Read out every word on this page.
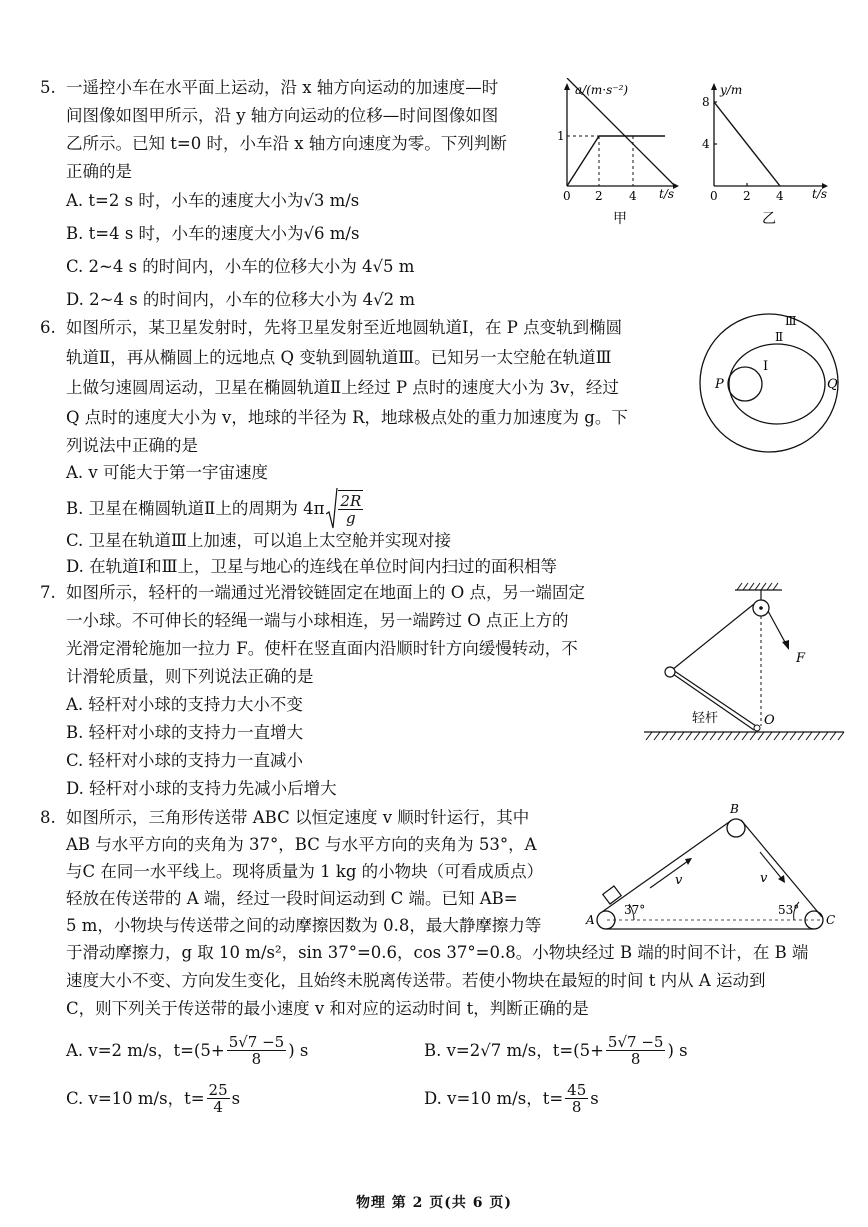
5. 一遥控小车在水平面上运动，沿 x 轴方向运动的加速度—时
间图像如图甲所示，沿 y 轴方向运动的位移—时间图像如图
乙所示。已知 t=0 时，小车沿 x 轴方向速度为零。下列判断
正确的是
A. t=2 s 时，小车的速度大小为√3 m/s
B. t=4 s 时，小车的速度大小为√6 m/s
C. 2~4 s 的时间内，小车的位移大小为 4√5 m
D. 2~4 s 的时间内，小车的位移大小为 4√2 m
a/(m·s⁻²)
1
0 2 4 t/s
甲
y/m
8
4
0 2 4 t/s
乙
6. 如图所示，某卫星发射时，先将卫星发射至近地圆轨道Ⅰ，在 P 点变轨到椭圆
轨道Ⅱ，再从椭圆上的远地点 Q 变轨到圆轨道Ⅲ。已知另一太空舱在轨道Ⅲ
上做匀速圆周运动，卫星在椭圆轨道Ⅱ上经过 P 点时的速度大小为 3v，经过
Q 点时的速度大小为 v，地球的半径为 R，地球极点处的重力加速度为 g。下
列说法中正确的是
A. v 可能大于第一宇宙速度
B. 卫星在椭圆轨道Ⅱ上的周期为 $4\pi \frac{2R}{g}$
C. 卫星在轨道Ⅲ上加速，可以追上太空舱并实现对接
D. 在轨道Ⅰ和Ⅲ上，卫星与地心的连线在单位时间内扫过的面积相等
Ⅰ
Ⅱ
Ⅲ
P	Q
7. 如图所示，轻杆的一端通过光滑铰链固定在地面上的 O 点，另一端固定
一小球。不可伸长的轻绳一端与小球相连，另一端跨过 O 点正上方的
光滑定滑轮施加一拉力 F。使杆在竖直面内沿顺时针方向缓慢转动，不
计滑轮质量，则下列说法正确的是
A. 轻杆对小球的支持力大小不变
B. 轻杆对小球的支持力一直增大
C. 轻杆对小球的支持力一直减小
D. 轻杆对小球的支持力先减小后增大
F
轻杆	O
8. 如图所示，三角形传送带 ABC 以恒定速度 v 顺时针运行，其中
AB 与水平方向的夹角为 37°，BC 与水平方向的夹角为 53°，A
与C 在同一水平线上。现将质量为 1 kg 的小物块（可看成质点）
轻放在传送带的 A 端，经过一段时间运动到 C 端。已知 AB=
5 m，小物块与传送带之间的动摩擦因数为 0.8，最大静摩擦力等
于滑动摩擦力，g 取 10 m/s²，sin 37°=0.6，cos 37°=0.8。小物块经过 B 端的时间不计，在 B 端
速度大小不变、方向发生变化，且始终未脱离传送带。若使小物块在最短的时间 t 内从 A 运动到
C，则下列关于传送带的最小速度 v 和对应的运动时间 t，判断正确的是
A. v=2 m/s，$t=(5+ \frac{5√7 -5}{8}$ ) s	B. v=2√7 m/s，$t=(5+ \frac{5√7 -5}{8}$ ) s
C. v=10 m/s，$t= \frac{25}{4}$ s	D. v=10 m/s，$t= \frac{45}{8}$ s
37°	53°
v	v
A
B
C
物理 第 2 页(共 6 页)
